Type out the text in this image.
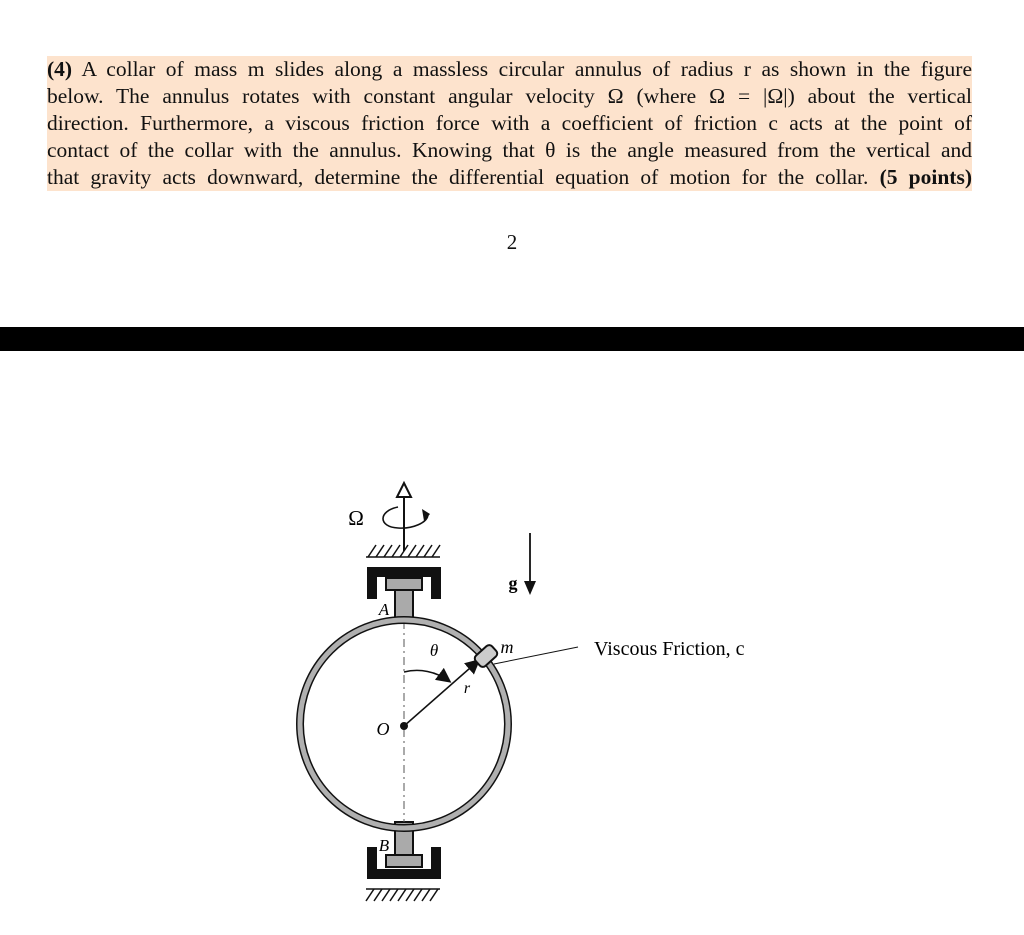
(4) A collar of mass m slides along a massless circular annulus of radius r as shown in the figure
below. The annulus rotates with constant angular velocity Ω (where Ω = |Ω|) about the vertical
direction. Furthermore, a viscous friction force with a coefficient of friction c acts at the point of
contact of the collar with the annulus. Knowing that θ is the angle measured from the vertical and
that gravity acts downward, determine the differential equation of motion for the collar. (5 points)
2
Ω
A
B
O
r
θ	m	Viscous Friction, c
g
